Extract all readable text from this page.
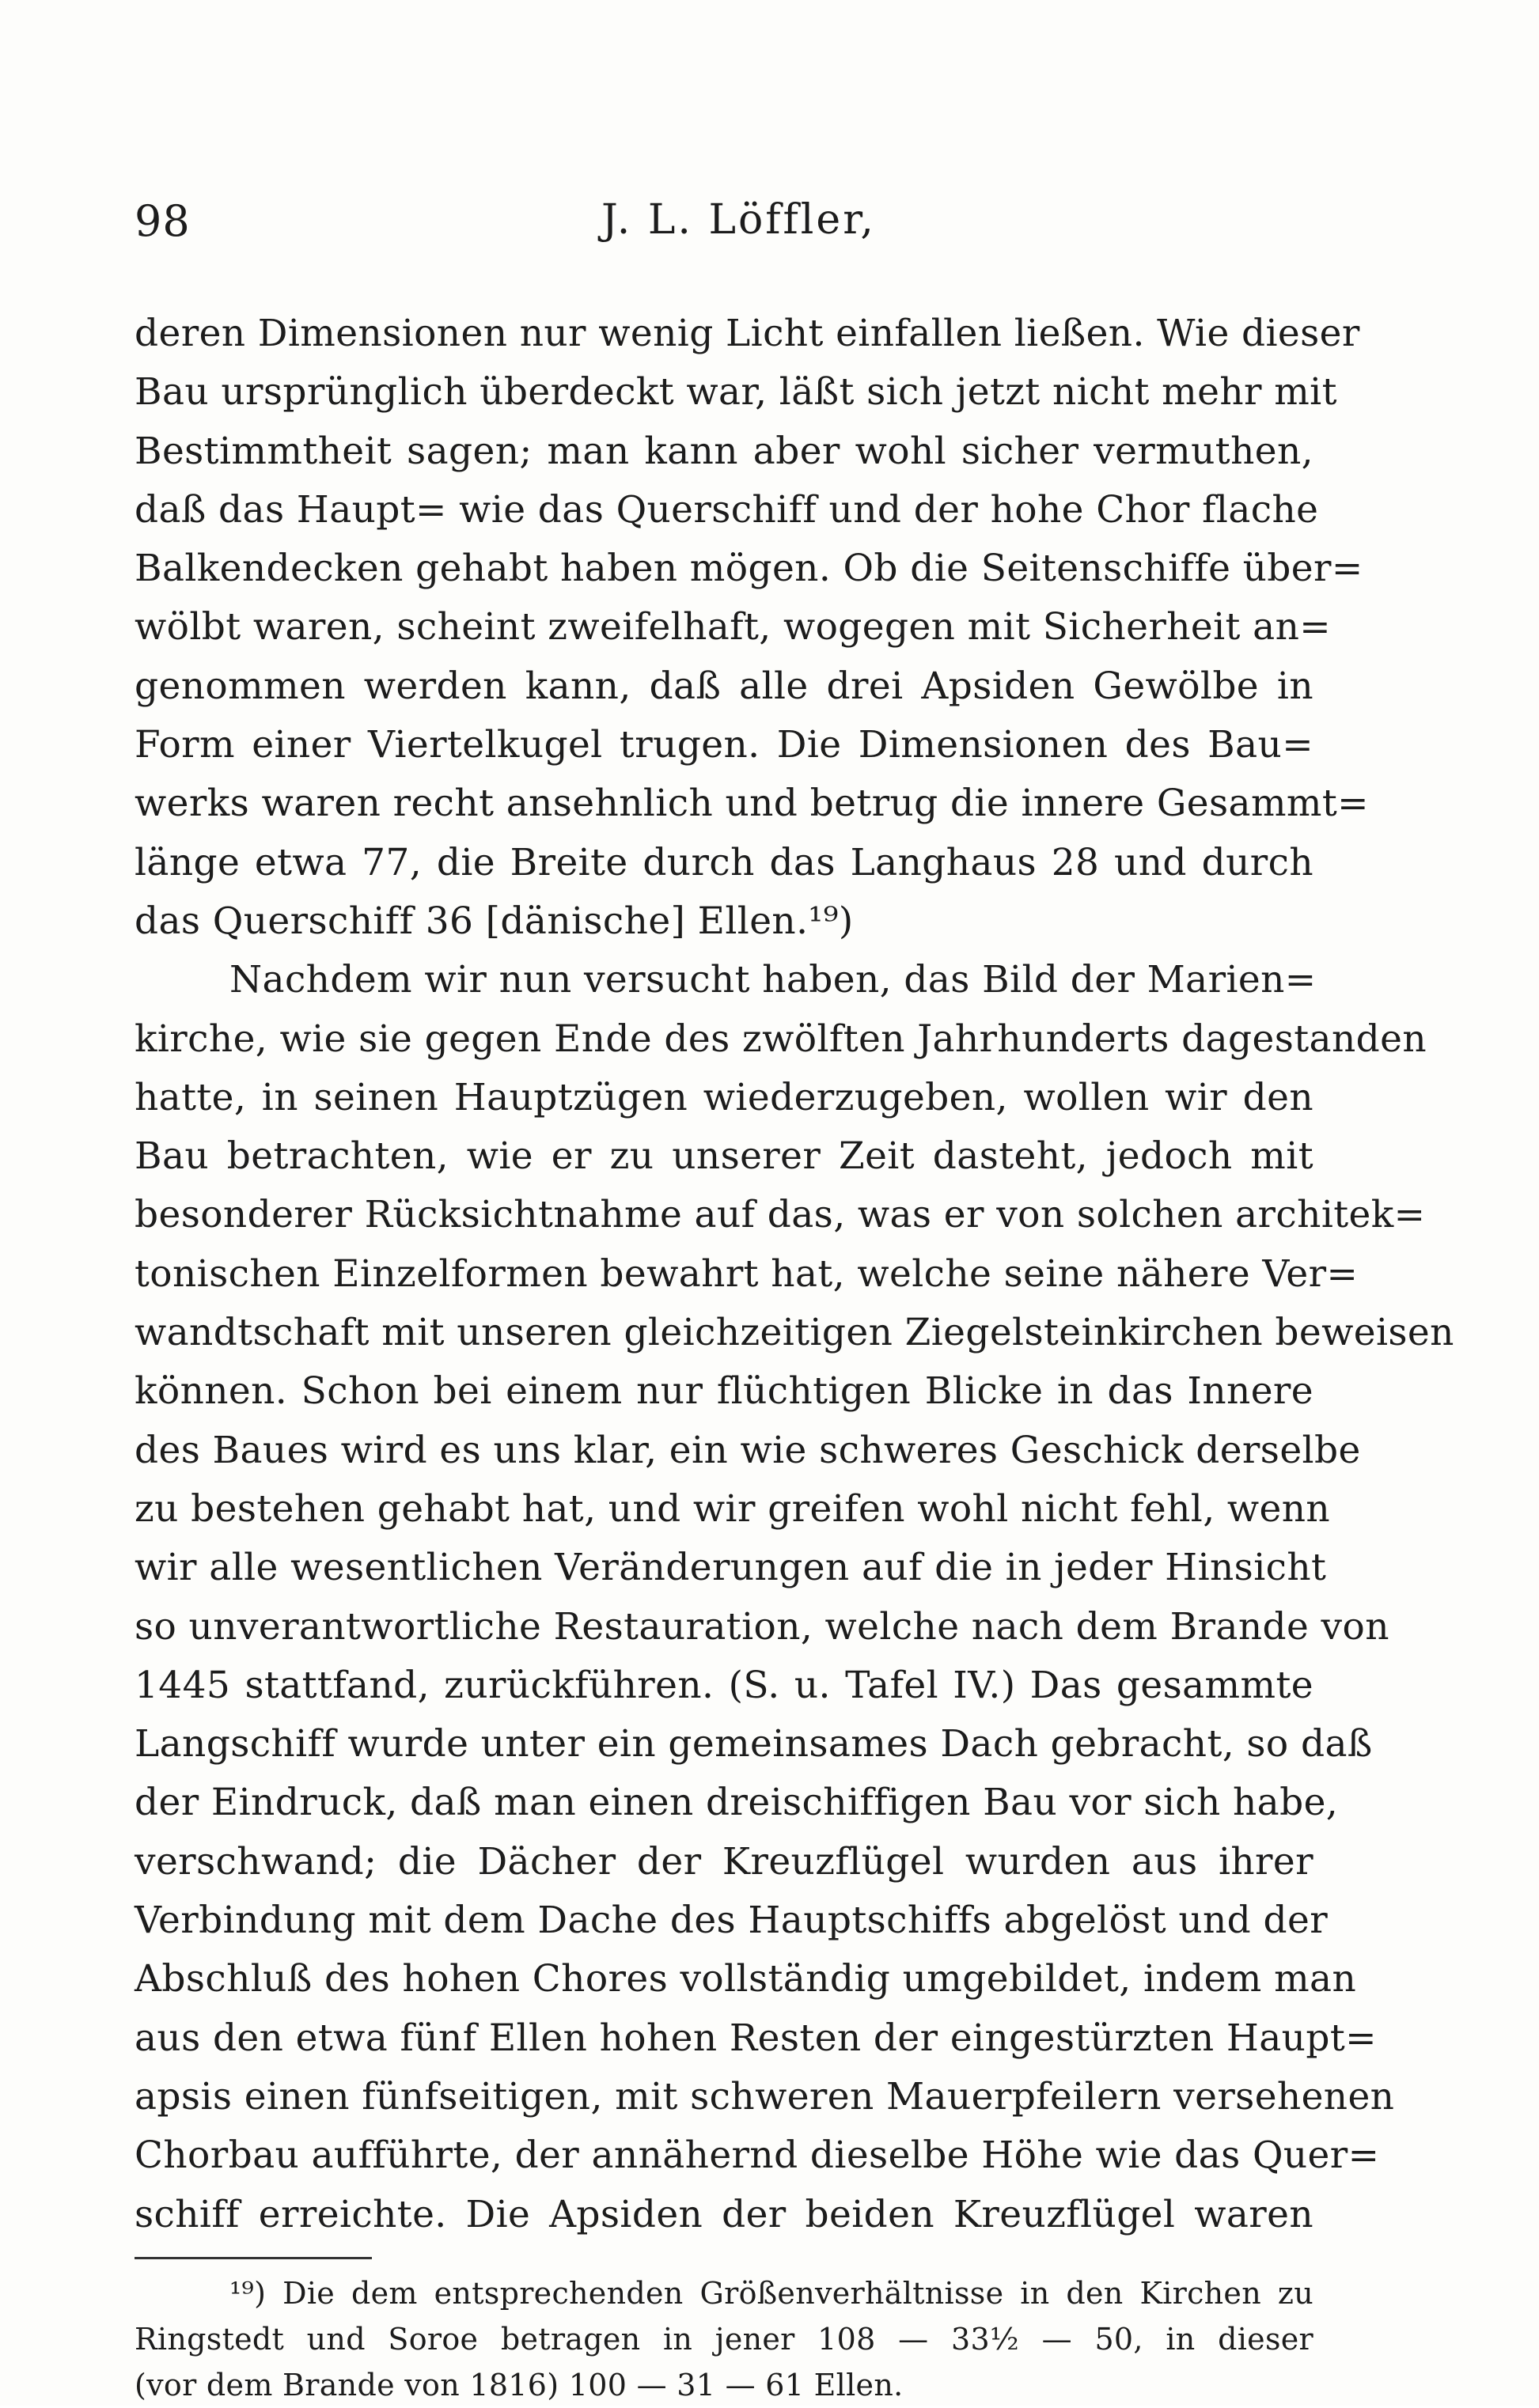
98	J. L. Löffler,
deren Dimensionen nur wenig Licht einfallen ließen. Wie dieser
Bau ursprünglich überdeckt war, läßt sich jetzt nicht mehr mit
Bestimmtheit sagen; man kann aber wohl sicher vermuthen,
daß das Haupt= wie das Querschiff und der hohe Chor flache
Balkendecken gehabt haben mögen. Ob die Seitenschiffe über=
wölbt waren, scheint zweifelhaft, wogegen mit Sicherheit an=
genommen werden kann, daß alle drei Apsiden Gewölbe in
Form einer Viertelkugel trugen. Die Dimensionen des Bau=
werks waren recht ansehnlich und betrug die innere Gesammt=
länge etwa 77, die Breite durch das Langhaus 28 und durch
das Querschiff 36 [dänische] Ellen.¹⁹)
Nachdem wir nun versucht haben, das Bild der Marien=
kirche, wie sie gegen Ende des zwölften Jahrhunderts dagestanden
hatte, in seinen Hauptzügen wiederzugeben, wollen wir den
Bau betrachten, wie er zu unserer Zeit dasteht, jedoch mit
besonderer Rücksichtnahme auf das, was er von solchen architek=
tonischen Einzelformen bewahrt hat, welche seine nähere Ver=
wandtschaft mit unseren gleichzeitigen Ziegelsteinkirchen beweisen
können. Schon bei einem nur flüchtigen Blicke in das Innere
des Baues wird es uns klar, ein wie schweres Geschick derselbe
zu bestehen gehabt hat, und wir greifen wohl nicht fehl, wenn
wir alle wesentlichen Veränderungen auf die in jeder Hinsicht
so unverantwortliche Restauration, welche nach dem Brande von
1445 stattfand, zurückführen. (S. u. Tafel IV.) Das gesammte
Langschiff wurde unter ein gemeinsames Dach gebracht, so daß
der Eindruck, daß man einen dreischiffigen Bau vor sich habe,
verschwand; die Dächer der Kreuzflügel wurden aus ihrer
Verbindung mit dem Dache des Hauptschiffs abgelöst und der
Abschluß des hohen Chores vollständig umgebildet, indem man
aus den etwa fünf Ellen hohen Resten der eingestürzten Haupt=
apsis einen fünfseitigen, mit schweren Mauerpfeilern versehenen
Chorbau aufführte, der annähernd dieselbe Höhe wie das Quer=
schiff erreichte. Die Apsiden der beiden Kreuzflügel waren
¹⁹) Die dem entsprechenden Größenverhältnisse in den Kirchen zu
Ringstedt und Soroe betragen in jener 108 — 33½ — 50, in dieser
(vor dem Brande von 1816) 100 — 31 — 61 Ellen.
